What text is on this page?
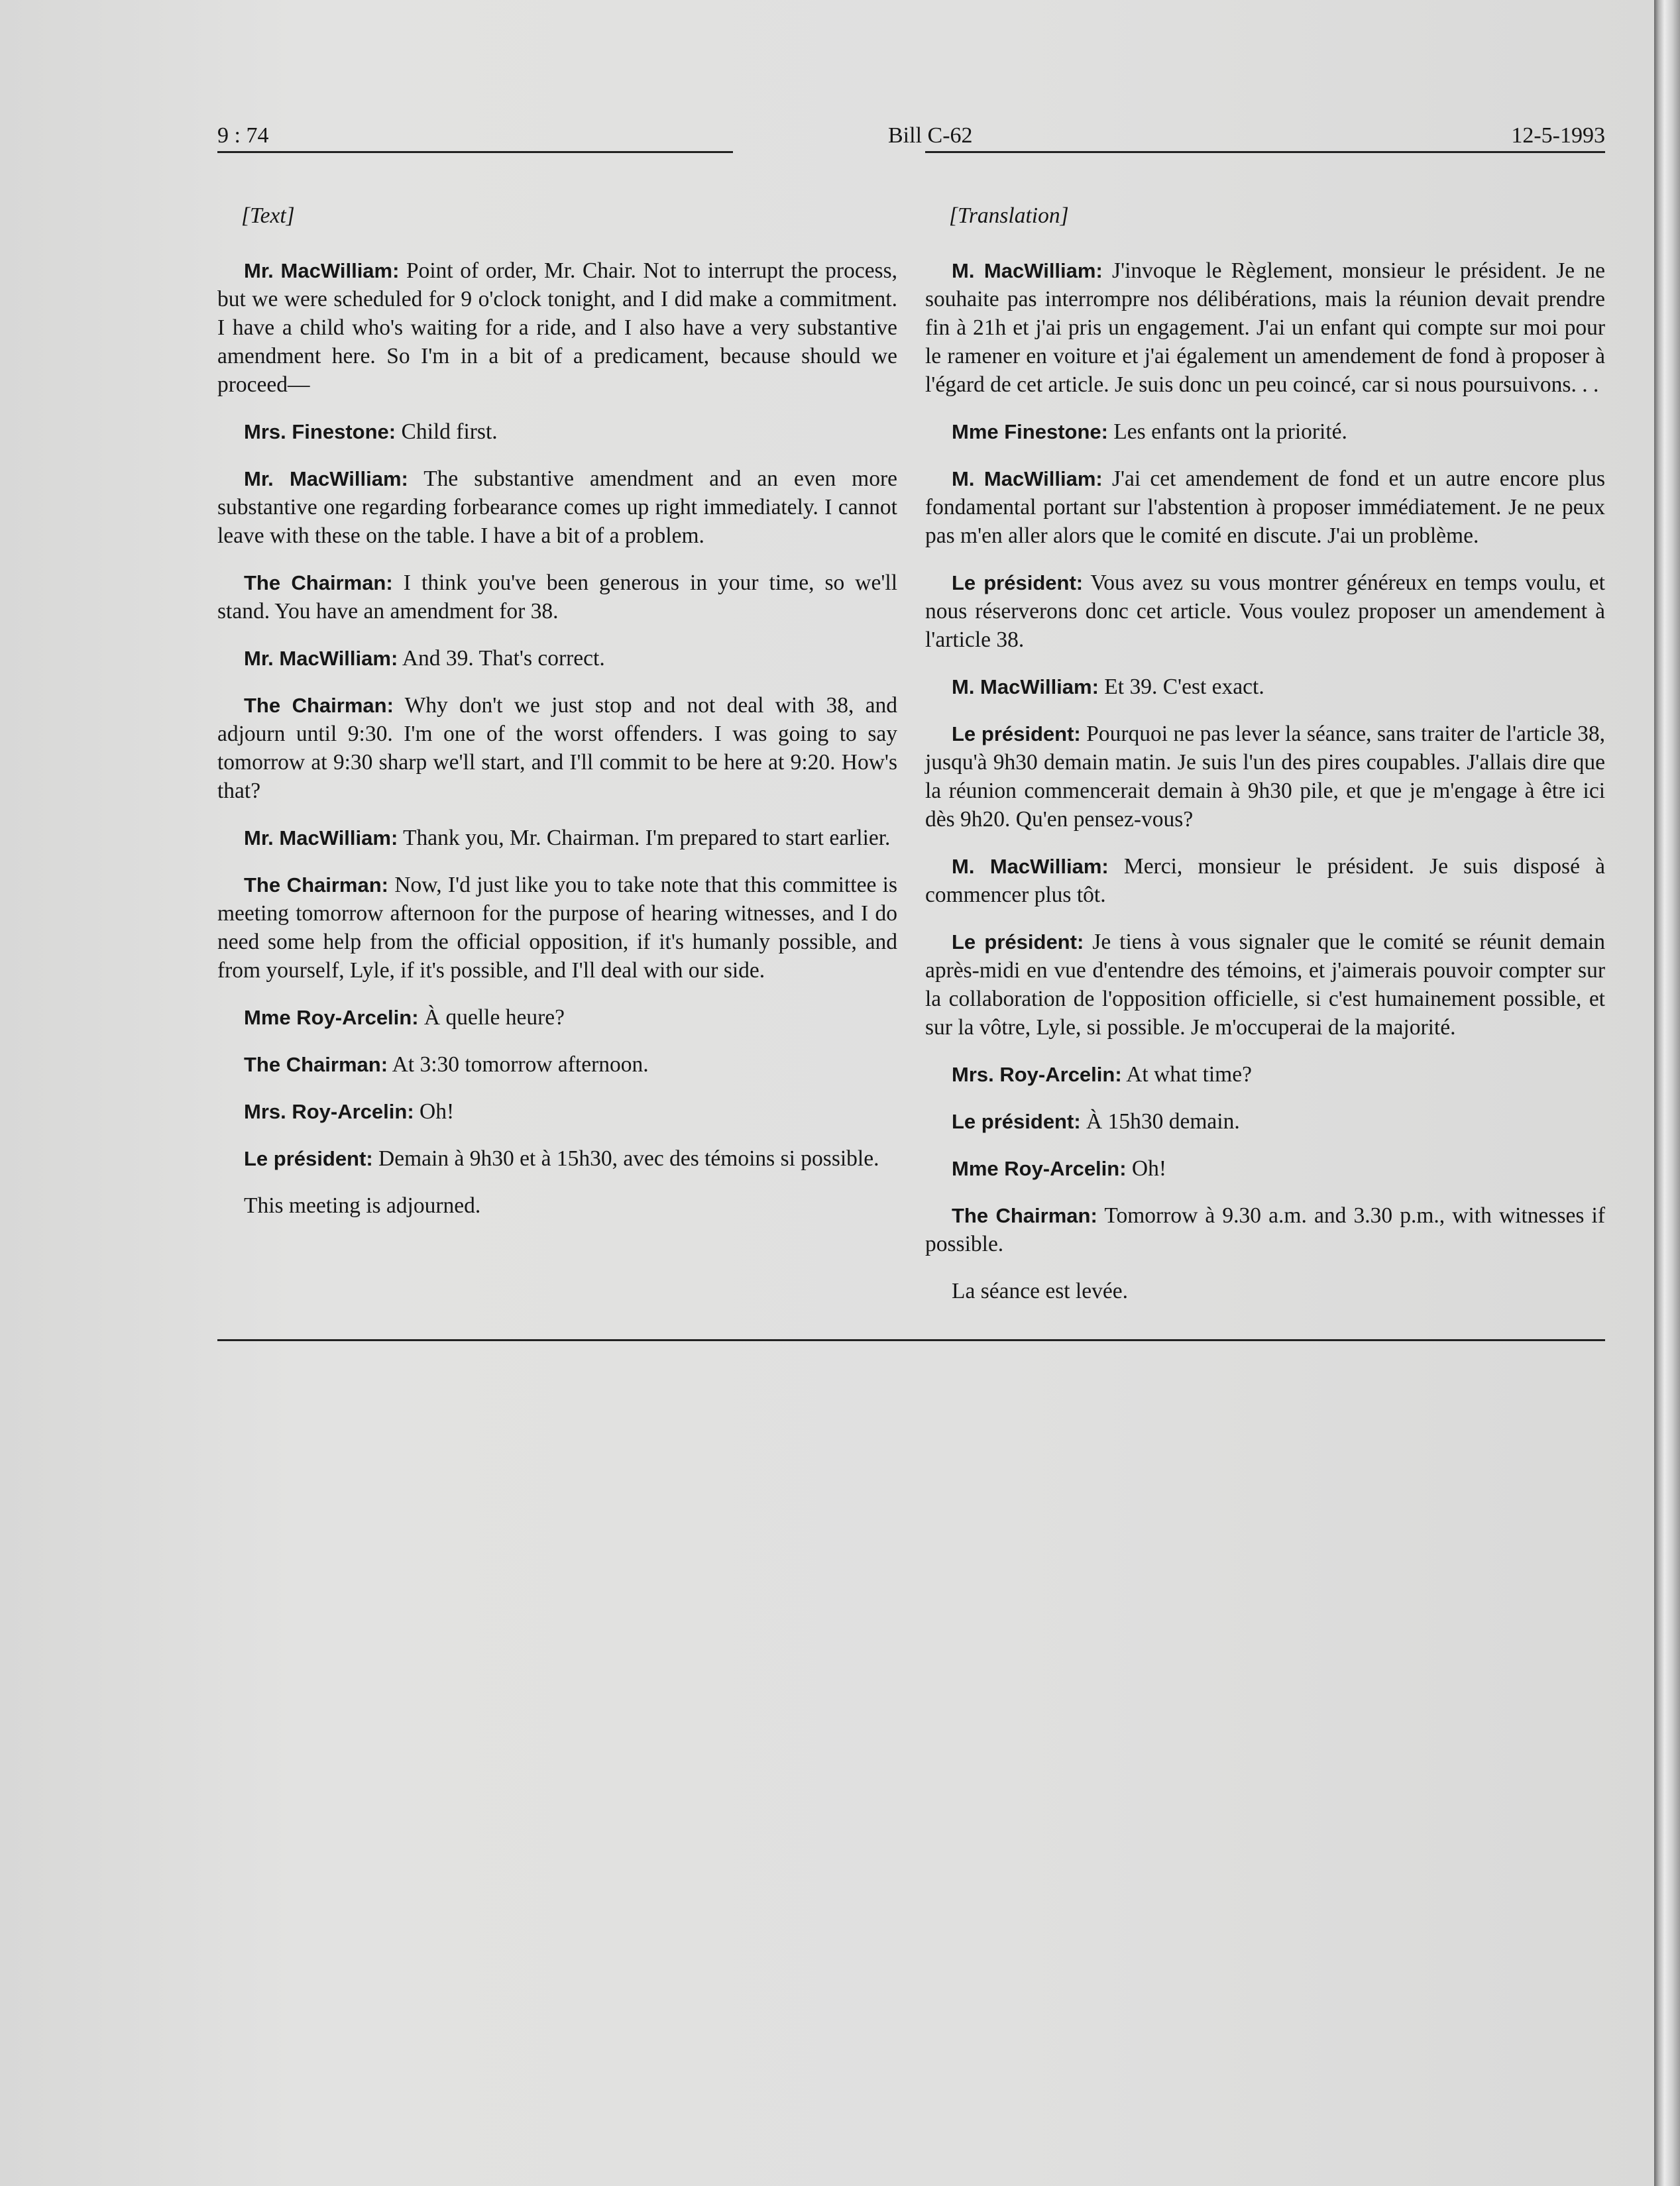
9 : 74	Bill C-62	12-5-1993
[Text]

Mr. MacWilliam: Point of order, Mr. Chair. Not to interrupt the process, but we were scheduled for 9 o'clock tonight, and I did make a commitment. I have a child who's waiting for a ride, and I also have a very substantive amendment here. So I'm in a bit of a predicament, because should we proceed—

Mrs. Finestone: Child first.

Mr. MacWilliam: The substantive amendment and an even more substantive one regarding forbearance comes up right immediately. I cannot leave with these on the table. I have a bit of a problem.

The Chairman: I think you've been generous in your time, so we'll stand. You have an amendment for 38.

Mr. MacWilliam: And 39. That's correct.

The Chairman: Why don't we just stop and not deal with 38, and adjourn until 9:30. I'm one of the worst offenders. I was going to say tomorrow at 9:30 sharp we'll start, and I'll commit to be here at 9:20. How's that?

Mr. MacWilliam: Thank you, Mr. Chairman. I'm prepared to start earlier.

The Chairman: Now, I'd just like you to take note that this committee is meeting tomorrow afternoon for the purpose of hearing witnesses, and I do need some help from the official opposition, if it's humanly possible, and from yourself, Lyle, if it's possible, and I'll deal with our side.

Mme Roy-Arcelin: À quelle heure?

The Chairman: At 3:30 tomorrow afternoon.

Mrs. Roy-Arcelin: Oh!

Le président: Demain à 9h30 et à 15h30, avec des témoins si possible.

This meeting is adjourned.

[Translation]

M. MacWilliam: J'invoque le Règlement, monsieur le président. Je ne souhaite pas interrompre nos délibérations, mais la réunion devait prendre fin à 21h et j'ai pris un engagement. J'ai un enfant qui compte sur moi pour le ramener en voiture et j'ai également un amendement de fond à proposer à l'égard de cet article. Je suis donc un peu coincé, car si nous poursuivons. . .

Mme Finestone: Les enfants ont la priorité.

M. MacWilliam: J'ai cet amendement de fond et un autre encore plus fondamental portant sur l'abstention à proposer immédiatement. Je ne peux pas m'en aller alors que le comité en discute. J'ai un problème.

Le président: Vous avez su vous montrer généreux en temps voulu, et nous réserverons donc cet article. Vous voulez proposer un amendement à l'article 38.

M. MacWilliam: Et 39. C'est exact.

Le président: Pourquoi ne pas lever la séance, sans traiter de l'article 38, jusqu'à 9h30 demain matin. Je suis l'un des pires coupables. J'allais dire que la réunion commencerait demain à 9h30 pile, et que je m'engage à être ici dès 9h20. Qu'en pensez-vous?

M. MacWilliam: Merci, monsieur le président. Je suis disposé à commencer plus tôt.

Le président: Je tiens à vous signaler que le comité se réunit demain après-midi en vue d'entendre des témoins, et j'aimerais pouvoir compter sur la collaboration de l'opposition officielle, si c'est humainement possible, et sur la vôtre, Lyle, si possible. Je m'occuperai de la majorité.

Mrs. Roy-Arcelin: At what time?

Le président: À 15h30 demain.

Mme Roy-Arcelin: Oh!

The Chairman: Tomorrow à 9.30 a.m. and 3.30 p.m., with witnesses if possible.

La séance est levée.
